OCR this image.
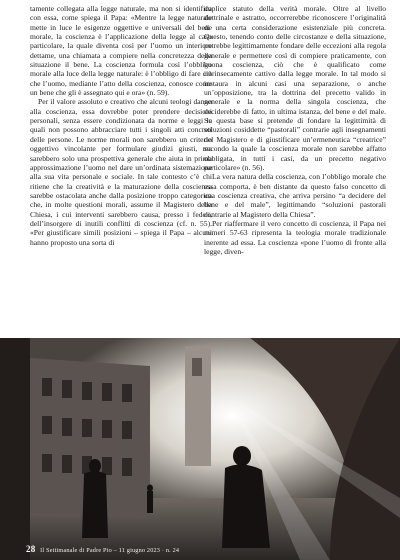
tamente collegata alla legge naturale, ma non si identifica con essa, come spiega il Papa: «Mentre la legge naturale mette in luce le esigenze oggettive e universali del bene morale, la coscienza è l’applicazione della legge al caso particolare, la quale diventa così per l’uomo un interiore dettame, una chiamata a compiere nella concretezza della situazione il bene. La coscienza formula così l’obbligo morale alla luce della legge naturale: è l’obbligo di fare ciò che l’uomo, mediante l’atto della coscienza, conosce come un bene che gli è assegnato qui e ora» (n. 59).

Per il valore assoluto e creativo che alcuni teologi danno alla coscienza, essa dovrebbe poter prendere decisioni personali, senza essere condizionata da norme e leggi le quali non possono abbracciare tutti i singoli atti concreti delle persone. Le norme morali non sarebbero un criterio oggettivo vincolante per formulare giudizi giusti, ma sarebbero solo una prospettiva generale che aiuta in prima approssimazione l’uomo nel dare un’ordinata sistemazione alla sua vita personale e sociale. In tale contesto c’è chi ritiene che la creatività e la maturazione della coscienza sarebbe ostacolata anche dalla posizione troppo categorica che, in molte questioni morali, assume il Magistero della Chiesa, i cui interventi sarebbero causa, presso i fedeli, dell’insorgere di inutili conflitti di coscienza (cf. n. 55). «Per giustificare simili posizioni – spiega il Papa – alcuni hanno proposto una sorta di

duplice statuto della verità morale. Oltre al livello dottrinale e astratto, occorrerebbe riconoscere l’originalità di una certa considerazione esistenziale più concreta. Questo, tenendo conto delle circostanze e della situazione, potrebbe legittimamente fondare delle eccezioni alla regola generale e permettere così di compiere praticamente, con buona coscienza, ciò che è qualificato come intrinsecamente cattivo dalla legge morale. In tal modo si instaura in alcuni casi una separazione, o anche un’opposizione, tra la dottrina del precetto valido in generale e la norma della singola coscienza, che deciderebbe di fatto, in ultima istanza, del bene e del male. Su questa base si pretende di fondare la legittimità di soluzioni cosiddette “pastorali” contrarie agli insegnamenti del Magistero e di giustificare un’ermeneutica “creatrice” secondo la quale la coscienza morale non sarebbe affatto obbligata, in tutti i casi, da un precetto negativo particolare» (n. 56).

La vera natura della coscienza, con l’obbligo morale che essa comporta, è ben distante da questo falso concetto di una coscienza creativa, che arriva persino “a decidere del bene e del male”, legittimando “soluzioni pastorali contrarie al Magistero della Chiesa”.

Per riaffermare il vero concetto di coscienza, il Papa nei numeri 57-63 ripresenta la teologia morale tradizionale inerente ad essa. La coscienza «pone l’uomo di fronte alla legge, diven-

28 Il Settimanale di Padre Pio – 11 giugno 2023 · n. 24
